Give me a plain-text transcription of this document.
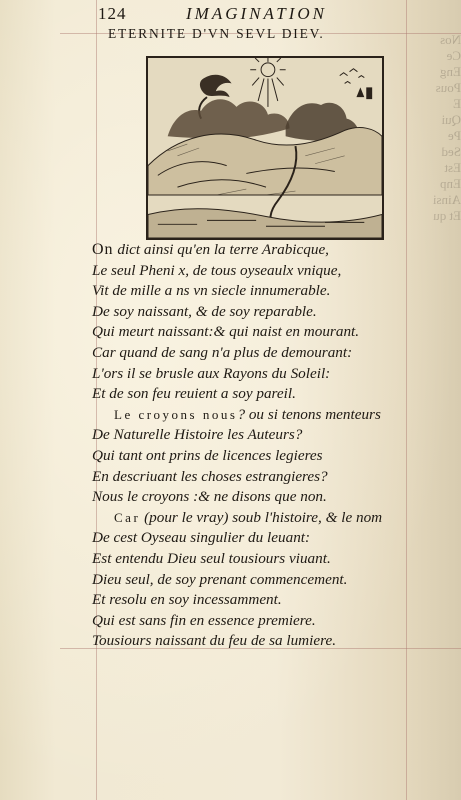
124	IMAGINATION
ETERNITE D'VN SEVL DIEV.	Nos
Ce
Eng
Pous
E
Qui
Pe
Sed
Est
Enp
Ainsi
Et qu
On dict ainsi qu'en la terre Arabicque,
Le seul Pheni x, de tous oyseaulx vnique,
Vit de mille a ns vn siecle innumerable.
De soy naissant, & de soy reparable.
Qui meurt naissant:& qui naist en mourant.
Car quand de sang n'a plus de demourant:
L'ors il se brusle aux Rayons du Soleil:
Et de son feu reuient a soy pareil.
Le croyons nous? ou si tenons menteurs
De Naturelle Histoire les Auteurs?
Qui tant ont prins de licences legieres
En descriuant les choses estrangieres?
Nous le croyons :& ne disons que non.
Car (pour le vray) soub l'histoire, & le nom
De cest Oyseau singulier du leuant:
Est entendu Dieu seul tousiours viuant.
Dieu seul, de soy prenant commencement.
Et resolu en soy incessamment.
Qui est sans fin en essence premiere.
Tousiours naissant du feu de sa lumiere.
